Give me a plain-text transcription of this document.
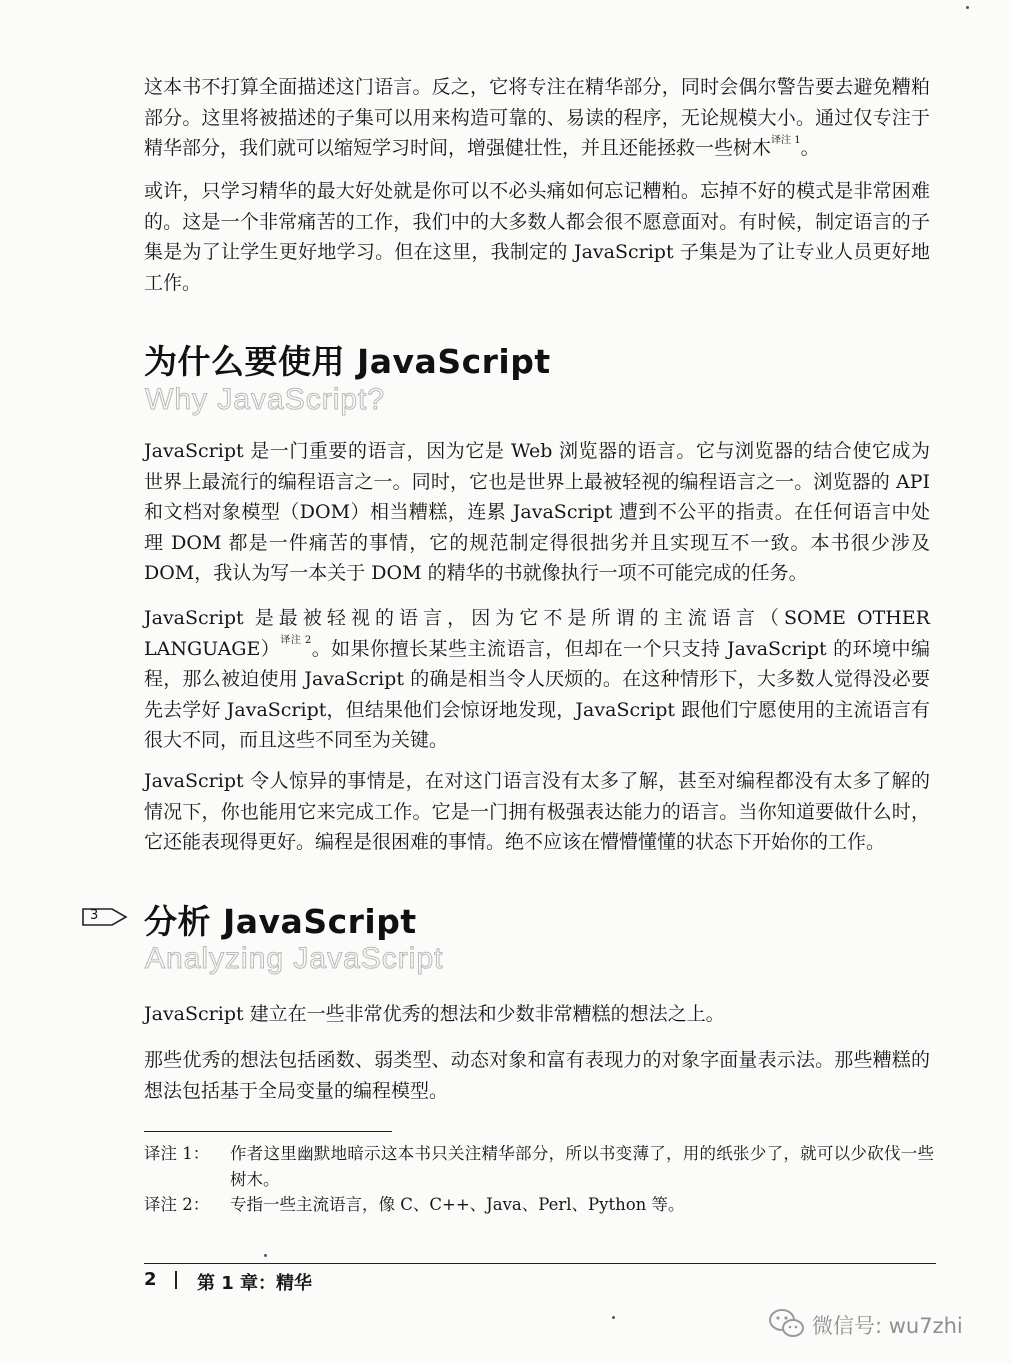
这本书不打算全面描述这门语言。反之，它将专注在精华部分，同时会偶尔警告要去避免糟粕部分。这里将被描述的子集可以用来构造可靠的、易读的程序，无论规模大小。通过仅专注于精华部分，我们就可以缩短学习时间，增强健壮性，并且还能拯救一些树木$^{译注 1}$。

或许，只学习精华的最大好处就是你可以不必头痛如何忘记糟粕。忘掉不好的模式是非常困难的。这是一个非常痛苦的工作，我们中的大多数人都会很不愿意面对。有时候，制定语言的子集是为了让学生更好地学习。但在这里，我制定的 JavaScript 子集是为了让专业人员更好地工作。

为什么要使用 JavaScript
Why JavaScript?

JavaScript 是一门重要的语言，因为它是 Web 浏览器的语言。它与浏览器的结合使它成为世界上最流行的编程语言之一。同时，它也是世界上最被轻视的编程语言之一。浏览器的 API 和文档对象模型（DOM）相当糟糕，连累 JavaScript 遭到不公平的指责。在任何语言中处理 DOM 都是一件痛苦的事情，它的规范制定得很拙劣并且实现互不一致。本书很少涉及 DOM，我认为写一本关于 DOM 的精华的书就像执行一项不可能完成的任务。

JavaScript 是最被轻视的语言，因为它不是所谓的主流语言（SOME OTHER LANGUAGE）$^{译注 2}$。如果你擅长某些主流语言，但却在一个只支持 JavaScript 的环境中编程，那么被迫使用 JavaScript 的确是相当令人厌烦的。在这种情形下，大多数人觉得没必要先去学好 JavaScript，但结果他们会惊讶地发现，JavaScript 跟他们宁愿使用的主流语言有很大不同，而且这些不同至为关键。

JavaScript 令人惊异的事情是，在对这门语言没有太多了解，甚至对编程都没有太多了解的情况下，你也能用它来完成工作。它是一门拥有极强表达能力的语言。当你知道要做什么时，它还能表现得更好。编程是很困难的事情。绝不应该在懵懵懂懂的状态下开始你的工作。

3 分析 JavaScript
Analyzing JavaScript

JavaScript 建立在一些非常优秀的想法和少数非常糟糕的想法之上。

那些优秀的想法包括函数、弱类型、动态对象和富有表现力的对象字面量表示法。那些糟糕的想法包括基于全局变量的编程模型。

译注 1：	作者这里幽默地暗示这本书只关注精华部分，所以书变薄了，用的纸张少了，就可以少砍伐一些树木。
译注 2：	专指一些主流语言，像 C、C++、Java、Perl、Python 等。
2 第 1 章：精华
微信号: wu7zhi
